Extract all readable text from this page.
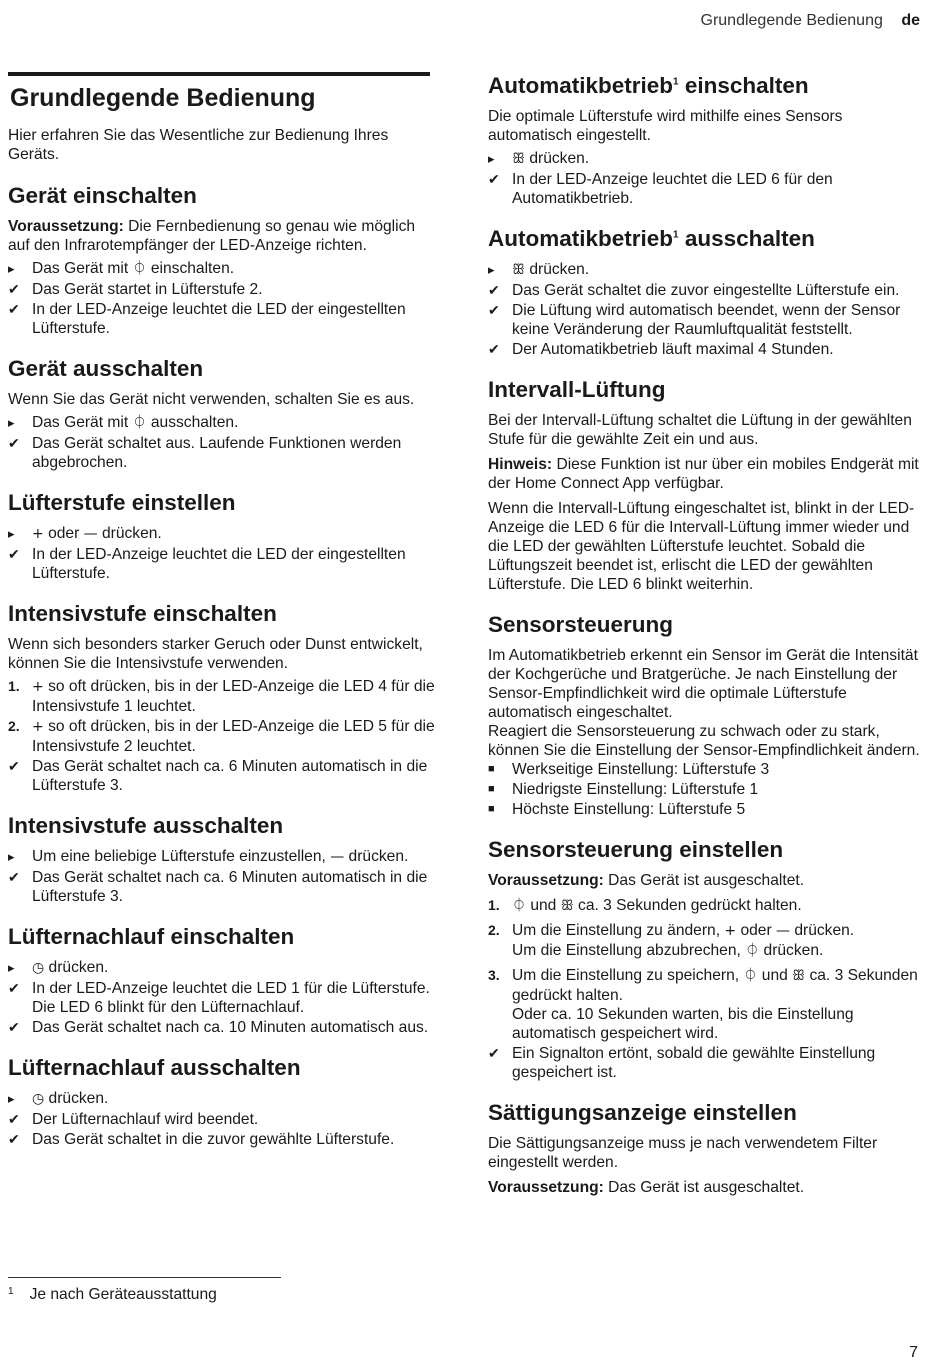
Grundlegende Bedienung de
Grundlegende Bedienung

Hier erfahren Sie das Wesentliche zur Bedienung Ihres Geräts.

Gerät einschalten

Voraussetzung: Die Fernbedienung so genau wie möglich auf den Infrarotempfänger der LED-Anzeige richten.

▸	Das Gerät mit ⏀ einschalten.
✔ Das Gerät startet in Lüfterstufe 2.
✔ In der LED-Anzeige leuchtet die LED der eingestellten Lüfterstufe.
Gerät ausschalten

Wenn Sie das Gerät nicht verwenden, schalten Sie es aus.

▸	Das Gerät mit ⏀ ausschalten.
✔ Das Gerät schaltet aus. Laufende Funktionen werden abgebrochen.
Lüfterstufe einstellen
▸	+ oder — drücken.
✔ In der LED-Anzeige leuchtet die LED der eingestellten Lüfterstufe.
Intensivstufe einschalten

Wenn sich besonders starker Geruch oder Dunst entwickelt, können Sie die Intensivstufe verwenden.

1. + so oft drücken, bis in der LED-Anzeige die LED 4 für die Intensivstufe 1 leuchtet.
2. + so oft drücken, bis in der LED-Anzeige die LED 5 für die Intensivstufe 2 leuchtet.
✔ Das Gerät schaltet nach ca. 6 Minuten automatisch in die Lüfterstufe 3.
Intensivstufe ausschalten
▸	Um eine beliebige Lüfterstufe einzustellen, — drücken.
✔ Das Gerät schaltet nach ca. 6 Minuten automatisch in die Lüfterstufe 3.
Lüfternachlauf einschalten
▸	◷ drücken.
✔ In der LED-Anzeige leuchtet die LED 1 für die Lüfterstufe. Die LED 6 blinkt für den Lüfternachlauf.
✔ Das Gerät schaltet nach ca. 10 Minuten automatisch aus.
Lüfternachlauf ausschalten
▸	◷ drücken.
✔ Der Lüfternachlauf wird beendet.
✔ Das Gerät schaltet in die zuvor gewählte Lüfterstufe.
Automatikbetrieb$^1$ einschalten

Die optimale Lüfterstufe wird mithilfe eines Sensors automatisch eingestellt.

▸	ꕥ drücken.
✔ In der LED-Anzeige leuchtet die LED 6 für den Automatikbetrieb.
Automatikbetrieb$^1$ ausschalten
▸	ꕥ drücken.
✔ Das Gerät schaltet die zuvor eingestellte Lüfterstufe ein.
✔ Die Lüftung wird automatisch beendet, wenn der Sensor keine Veränderung der Raumluftqualität feststellt.
✔ Der Automatikbetrieb läuft maximal 4 Stunden.
Intervall-Lüftung

Bei der Intervall-Lüftung schaltet die Lüftung in der gewählten Stufe für die gewählte Zeit ein und aus.

Hinweis: Diese Funktion ist nur über ein mobiles Endgerät mit der Home Connect App verfügbar.

Wenn die Intervall-Lüftung eingeschaltet ist, blinkt in der LED-Anzeige die LED 6 für die Intervall-Lüftung immer wieder und die LED der gewählten Lüfterstufe leuchtet. Sobald die Lüftungszeit beendet ist, erlischt die LED der gewählten Lüfterstufe. Die LED 6 blinkt weiterhin.

Sensorsteuerung

Im Automatikbetrieb erkennt ein Sensor im Gerät die Intensität der Kochgerüche und Bratgerüche. Je nach Einstellung der Sensor-Empfindlichkeit wird die optimale Lüfterstufe automatisch eingeschaltet.

Reagiert die Sensorsteuerung zu schwach oder zu stark, können Sie die Einstellung der Sensor-Empfindlichkeit ändern.

■	Werkseitige Einstellung: Lüfterstufe 3
■	Niedrigste Einstellung: Lüfterstufe 1
■	Höchste Einstellung: Lüfterstufe 5
Sensorsteuerung einstellen

Voraussetzung: Das Gerät ist ausgeschaltet.

1. ⏀ und ꕥ ca. 3 Sekunden gedrückt halten.
2. Um die Einstellung zu ändern, + oder — drücken.
Um die Einstellung abzubrechen, ⏀ drücken.
3. Um die Einstellung zu speichern, ⏀ und ꕥ ca. 3 Sekunden gedrückt halten.
Oder ca. 10 Sekunden warten, bis die Einstellung automatisch gespeichert wird.
✔ Ein Signalton ertönt, sobald die gewählte Einstellung gespeichert ist.
Sättigungsanzeige einstellen

Die Sättigungsanzeige muss je nach verwendetem Filter eingestellt werden.

Voraussetzung: Das Gerät ist ausgeschaltet.

$^1$ Je nach Geräteausstattung
7
